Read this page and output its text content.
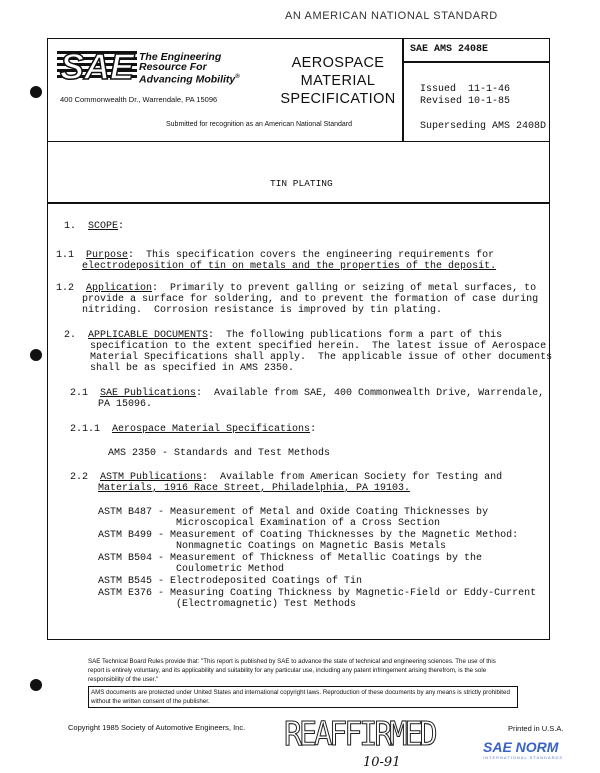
AN AMERICAN NATIONAL STANDARD
SAE The Engineering
Resource For
Advancing Mobility®
400 Commonwealth Dr., Warrendale, PA 15096
AEROSPACE
MATERIAL
SPECIFICATION
SAE AMS 2408E
Issued 11-1-46
Revised 10-1-85
Superseding AMS 2408D
Submitted for recognition as an American National Standard
TIN PLATING
1.  SCOPE:
1.1  Purpose:  This specification covers the engineering requirements for
electrodeposition of tin on metals and the properties of the deposit.
1.2  Application:  Primarily to prevent galling or seizing of metal surfaces, to
provide a surface for soldering, and to prevent the formation of case during
nitriding.  Corrosion resistance is improved by tin plating.
2.  APPLICABLE DOCUMENTS:  The following publications form a part of this
specification to the extent specified herein.  The latest issue of Aerospace
Material Specifications shall apply.  The applicable issue of other documents
shall be as specified in AMS 2350.
2.1  SAE Publications:  Available from SAE, 400 Commonwealth Drive, Warrendale,
PA 15096.
2.1.1  Aerospace Material Specifications:
AMS 2350 - Standards and Test Methods
2.2  ASTM Publications:  Available from American Society for Testing and
Materials, 1916 Race Street, Philadelphia, PA 19103.
ASTM B487 - Measurement of Metal and Oxide Coating Thicknesses by
Microscopical Examination of a Cross Section
ASTM B499 - Measurement of Coating Thicknesses by the Magnetic Method:
Nonmagnetic Coatings on Magnetic Basis Metals
ASTM B504 - Measurement of Thickness of Metallic Coatings by the
Coulometric Method
ASTM B545 - Electrodeposited Coatings of Tin
ASTM E376 - Measuring Coating Thickness by Magnetic-Field or Eddy-Current
(Electromagnetic) Test Methods
SAE Technical Board Rules provide that: "This report is published by SAE to advance the state of technical and engineering sciences. The use of this report is entirely voluntary, and its applicability and suitability for any particular use, including any patent infringement arising therefrom, is the sole responsibility of the user."
AMS documents are protected under United States and international copyright laws. Reproduction of these documents by any means is strictly prohibited without the written consent of the publisher.
Copyright 1985 Society of Automotive Engineers, Inc. REAFFIRMED	Printed in U.S.A.
10-91
SAE NORM
INTERNATIONAL STANDARDS
